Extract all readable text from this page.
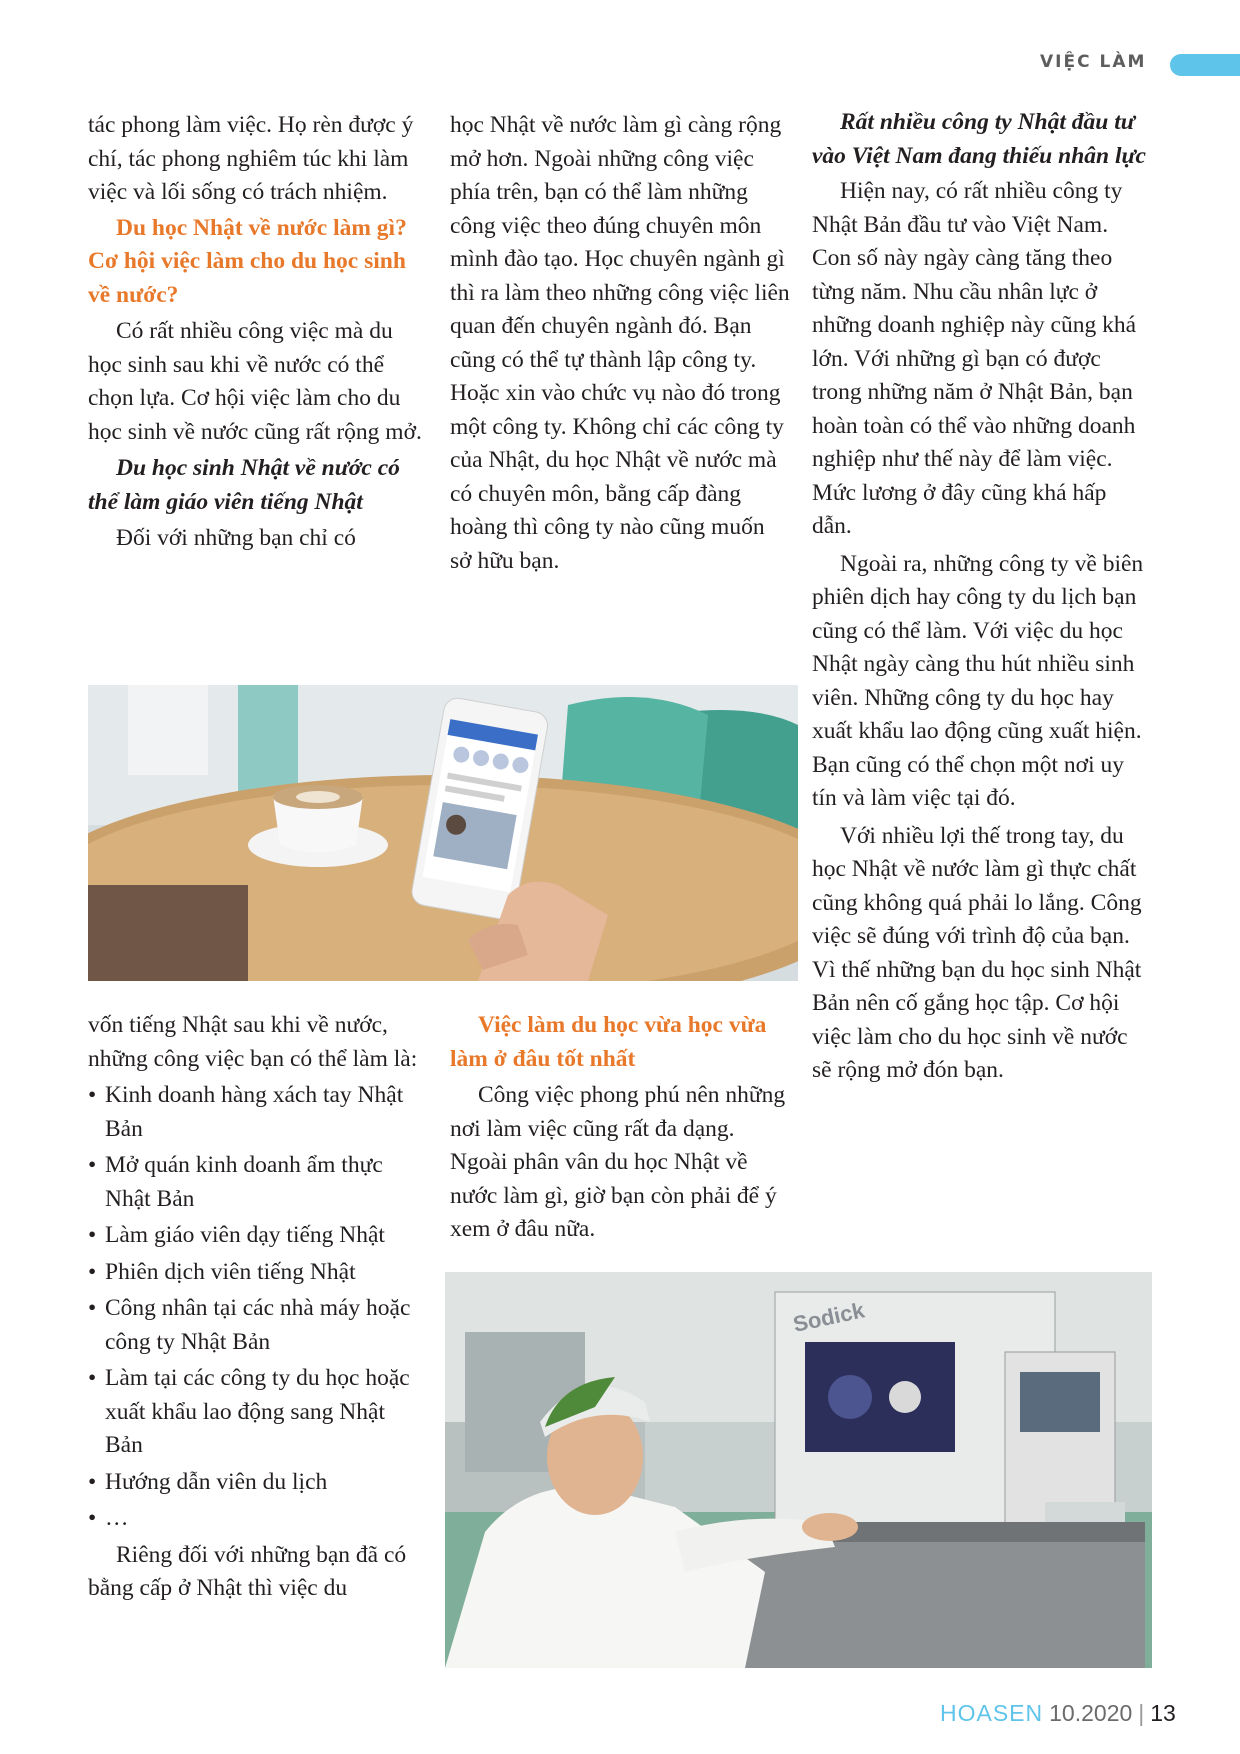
VIỆC LÀM

tác phong làm việc. Họ rèn được ý chí, tác phong nghiêm túc khi làm việc và lối sống có trách nhiệm.

Du học Nhật về nước làm gì? Cơ hội việc làm cho du học sinh về nước?

Có rất nhiều công việc mà du học sinh sau khi về nước có thể chọn lựa. Cơ hội việc làm cho du học sinh về nước cũng rất rộng mở.

Du học sinh Nhật về nước có thể làm giáo viên tiếng Nhật

Đối với những bạn chỉ có

học Nhật về nước làm gì càng rộng mở hơn. Ngoài những công việc phía trên, bạn có thể làm những công việc theo đúng chuyên môn mình đào tạo. Học chuyên ngành gì thì ra làm theo những công việc liên quan đến chuyên ngành đó. Bạn cũng có thể tự thành lập công ty. Hoặc xin vào chức vụ nào đó trong một công ty. Không chỉ các công ty của Nhật, du học Nhật về nước mà có chuyên môn, bằng cấp đàng hoàng thì công ty nào cũng muốn sở hữu bạn.

Rất nhiều công ty Nhật đầu tư vào Việt Nam đang thiếu nhân lực

Hiện nay, có rất nhiều công ty Nhật Bản đầu tư vào Việt Nam. Con số này ngày càng tăng theo từng năm. Nhu cầu nhân lực ở những doanh nghiệp này cũng khá lớn. Với những gì bạn có được trong những năm ở Nhật Bản, bạn hoàn toàn có thể vào những doanh nghiệp như thế này để làm việc. Mức lương ở đây cũng khá hấp dẫn.

Ngoài ra, những công ty về biên phiên dịch hay công ty du lịch bạn cũng có thể làm. Với việc du học Nhật ngày càng thu hút nhiều sinh viên. Những công ty du học hay xuất khẩu lao động cũng xuất hiện. Bạn cũng có thể chọn một nơi uy tín và làm việc tại đó.

Với nhiều lợi thế trong tay, du học Nhật về nước làm gì thực chất cũng không quá phải lo lắng. Công việc sẽ đúng với trình độ của bạn. Vì thế những bạn du học sinh Nhật Bản nên cố gắng học tập. Cơ hội việc làm cho du học sinh về nước sẽ rộng mở đón bạn.

vốn tiếng Nhật sau khi về nước, những công việc bạn có thể làm là:

• Kinh doanh hàng xách tay Nhật Bản
• Mở quán kinh doanh ẩm thực Nhật Bản
• Làm giáo viên dạy tiếng Nhật
• Phiên dịch viên tiếng Nhật
• Công nhân tại các nhà máy hoặc công ty Nhật Bản
• Làm tại các công ty du học hoặc xuất khẩu lao động sang Nhật Bản
• Hướng dẫn viên du lịch
• …

Riêng đối với những bạn đã có bằng cấp ở Nhật thì việc du

Việc làm du học vừa học vừa làm ở đâu tốt nhất

Công việc phong phú nên những nơi làm việc cũng rất đa dạng. Ngoài phân vân du học Nhật về nước làm gì, giờ bạn còn phải để ý xem ở đâu nữa.

Sodick
HOASEN 10.2020 | 13
